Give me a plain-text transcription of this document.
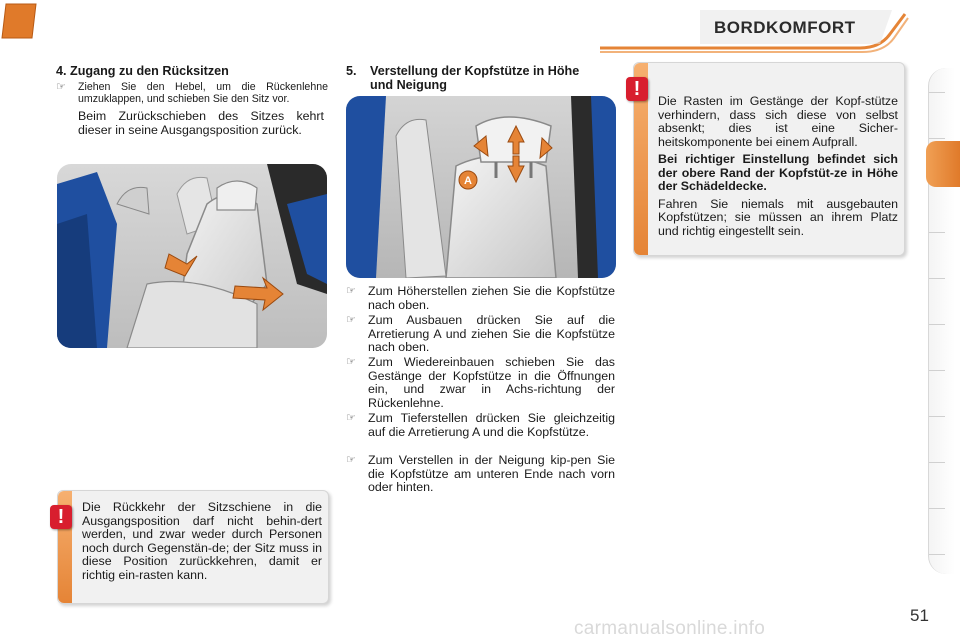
BORDKOMFORT	2
4. Zugang zu den Rücksitzen
☞ Ziehen Sie den Hebel, um die Rückenlehne umzuklappen, und schieben Sie den Sitz vor.
Beim Zurückschieben des Sitzes kehrt dieser in seine Ausgangsposition zurück.
!	Die Rückkehr der Sitzschiene in die Ausgangsposition darf nicht behin-dert werden, und zwar weder durch Personen noch durch Gegenstän-de; der Sitz muss in diese Position zurückkehren, damit er richtig ein-rasten kann.
5. Verstellung der Kopfstütze in Höhe und Neigung
A
☞ Zum Höherstellen ziehen Sie die Kopfstütze nach oben.
☞ Zum Ausbauen drücken Sie auf die Arretierung A und ziehen Sie die Kopfstütze nach oben.
☞ Zum Wiedereinbauen schieben Sie das Gestänge der Kopfstütze in die Öffnungen ein, und zwar in Achs-richtung der Rückenlehne.
☞ Zum Tieferstellen drücken Sie gleichzeitig auf die Arretierung A und die Kopfstütze.
☞ Zum Verstellen in der Neigung kip-pen Sie die Kopfstütze am unteren Ende nach vorn oder hinten.
!

Die Rasten im Gestänge der Kopf-stütze verhindern, dass sich diese von selbst absenkt; dies ist eine Sicher-heitskomponente bei einem Aufprall.

Bei richtiger Einstellung befindet sich der obere Rand der Kopfstüt-ze in Höhe der Schädeldecke.

Fahren Sie niemals mit ausgebauten Kopfstützen; sie müssen an ihrem Platz und richtig eingestellt sein.

carmanualsonline.info
51
